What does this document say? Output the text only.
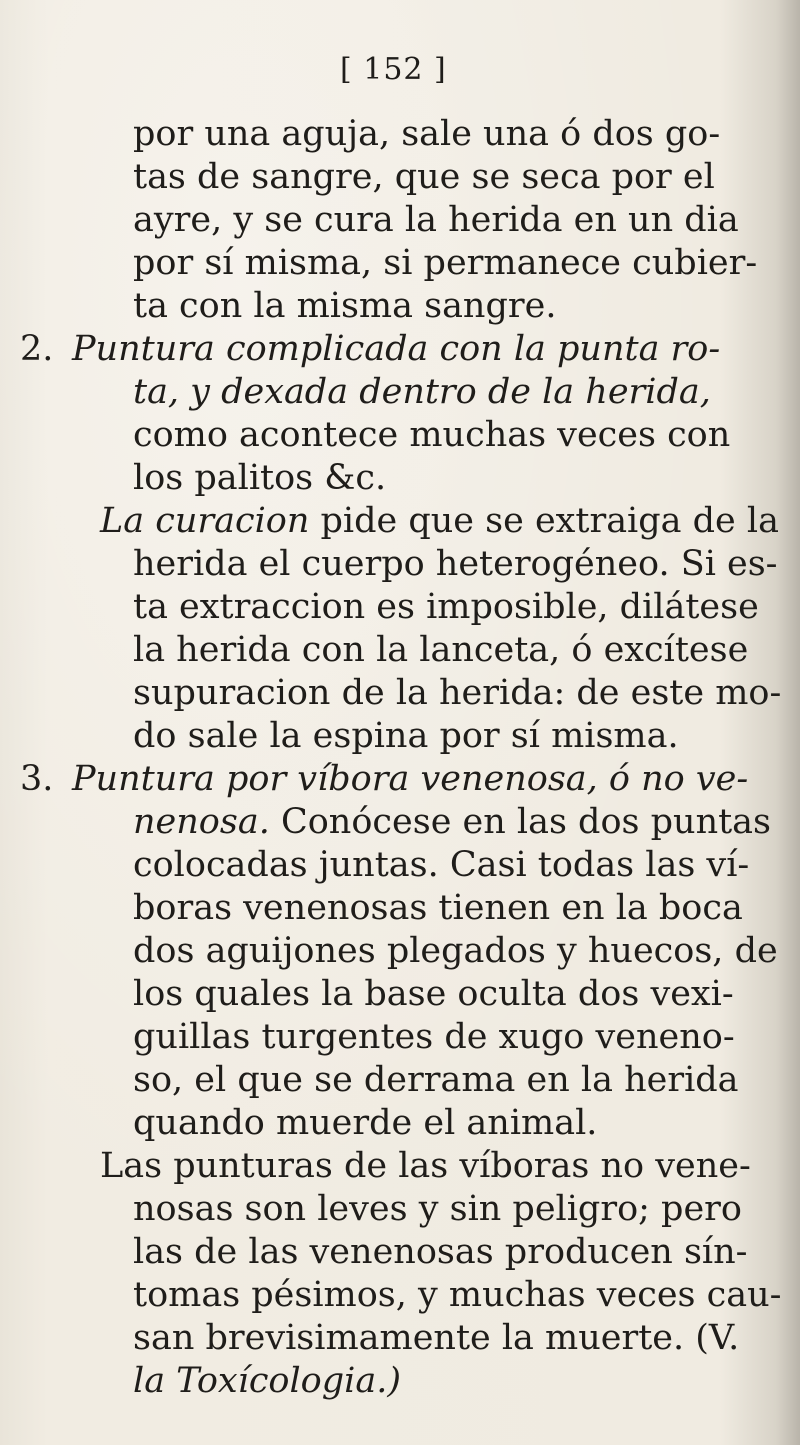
[ 152 ]
por una aguja, sale una ó dos go-
tas de sangre, que se seca por el
ayre, y se cura la herida en un dia
por sí misma, si permanece cubier-
ta con la misma sangre.
2. Puntura complicada con la punta ro-
ta, y dexada dentro de la herida,
como acontece muchas veces con
los palitos &c.
La curacion pide que se extraiga de la
herida el cuerpo heterogéneo. Si es-
ta extraccion es imposible, dilátese
la herida con la lanceta, ó excítese
supuracion de la herida: de este mo-
do sale la espina por sí misma.
3. Puntura por víbora venenosa, ó no ve-
nenosa. Conócese en las dos puntas
colocadas juntas. Casi todas las ví-
boras venenosas tienen en la boca
dos aguijones plegados y huecos, de
los quales la base oculta dos vexi-
guillas turgentes de xugo veneno-
so, el que se derrama en la herida
quando muerde el animal.
Las punturas de las víboras no vene-
nosas son leves y sin peligro; pero
las de las venenosas producen sín-
tomas pésimos, y muchas veces cau-
san brevisimamente la muerte. (V.
la Toxícologia.)
